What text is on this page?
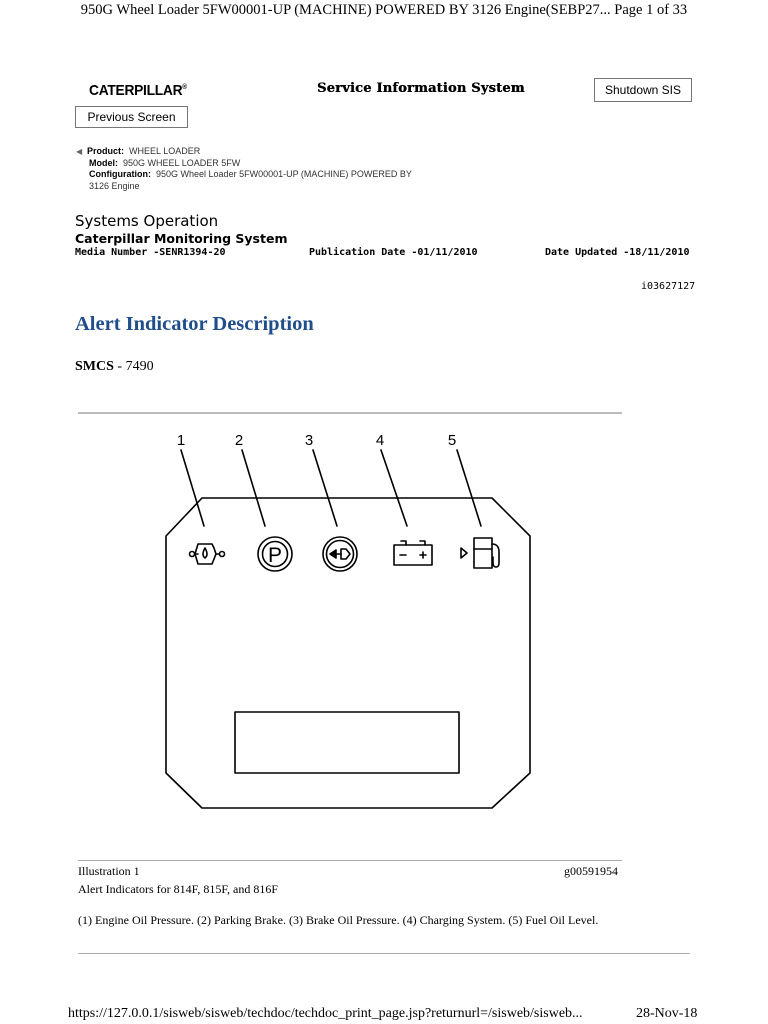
950G Wheel Loader 5FW00001-UP (MACHINE) POWERED BY 3126 Engine(SEBP27... Page 1 of 33
CATERPILLAR®	Service Information System	Shutdown SIS
Previous Screen
◀ Product: WHEEL LOADER
Model: 950G WHEEL LOADER 5FW
Configuration: 950G Wheel Loader 5FW00001-UP (MACHINE) POWERED BY
3126 Engine
Systems Operation
Caterpillar Monitoring System
Media Number -SENR1394-20	Publication Date -01/11/2010	Date Updated -18/11/2010
i03627127
Alert Indicator Description
SMCS - 7490
P
1	2	3	4	5
Illustration 1	g00591954
Alert Indicators for 814F, 815F, and 816F
(1) Engine Oil Pressure. (2) Parking Brake. (3) Brake Oil Pressure. (4) Charging System. (5) Fuel Oil Level.
https://127.0.0.1/sisweb/sisweb/techdoc/techdoc_print_page.jsp?returnurl=/sisweb/sisweb...	28-Nov-18
